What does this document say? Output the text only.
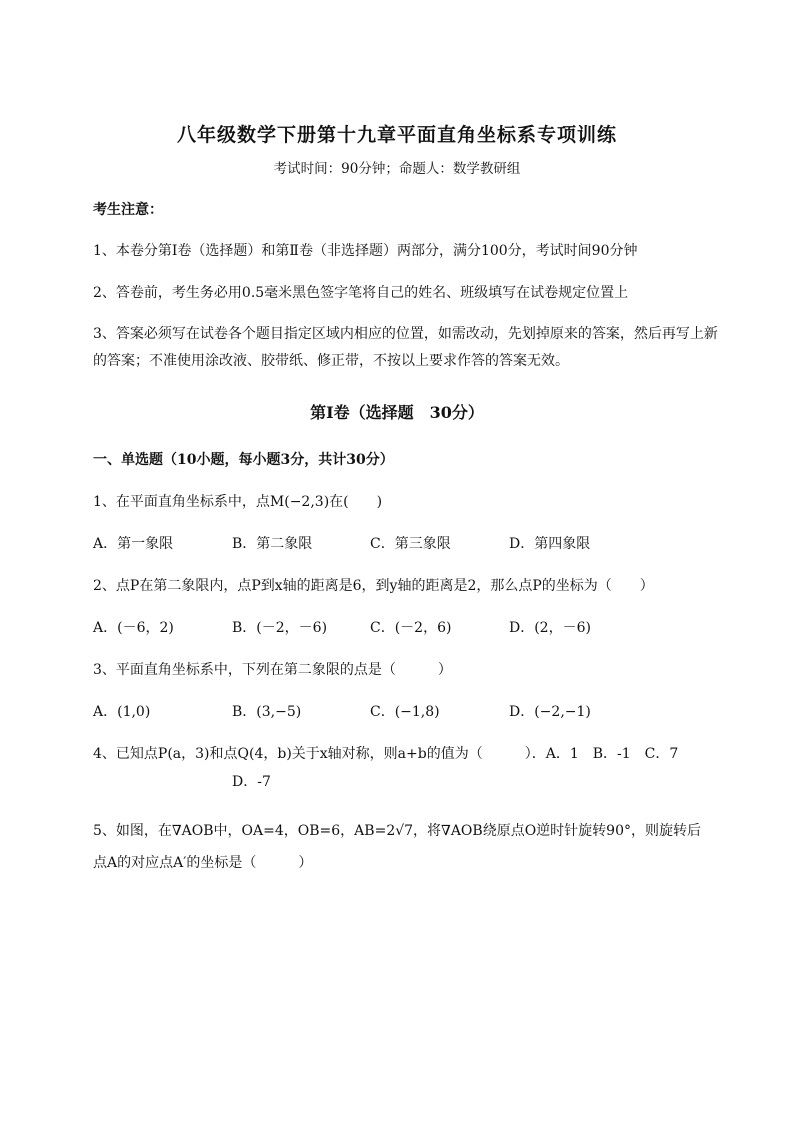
八年级数学下册第十九章平面直角坐标系专项训练
考试时间：90分钟；命题人：数学教研组
考生注意：
1、本卷分第I卷（选择题）和第Ⅱ卷（非选择题）两部分，满分100分，考试时间90分钟
2、答卷前，考生务必用0.5毫米黑色签字笔将自己的姓名、班级填写在试卷规定位置上
3、答案必须写在试卷各个题目指定区域内相应的位置，如需改动，先划掉原来的答案，然后再写上新
的答案；不准使用涂改液、胶带纸、修正带，不按以上要求作答的答案无效。
第I卷（选择题　30分）
一、单选题（10小题，每小题3分，共计30分）
1、在平面直角坐标系中，点M(−2,3)在(　　)
A．第一象限	B．第二象限	C．第三象限	D．第四象限
2、点P在第二象限内，点P到x轴的距离是6，到y轴的距离是2，那么点P的坐标为（　　）
A．(－6，2)	B．(－2，－6)	C．(－2，6)	D．(2，－6)
3、平面直角坐标系中，下列在第二象限的点是（　　　）
A．(1,0)	B．(3,−5)	C．(−1,8)	D．(−2,−1)
4、已知点P(a，3)和点Q(4，b)关于x轴对称，则a+b的值为（　　　）．A．1　B．-1　C．7
D．-7
5、如图，在∇AOB中，OA=4，OB=6，AB=2√7，将∇AOB绕原点O逆时针旋转90°，则旋转后
点A的对应点A′的坐标是（　　　）
